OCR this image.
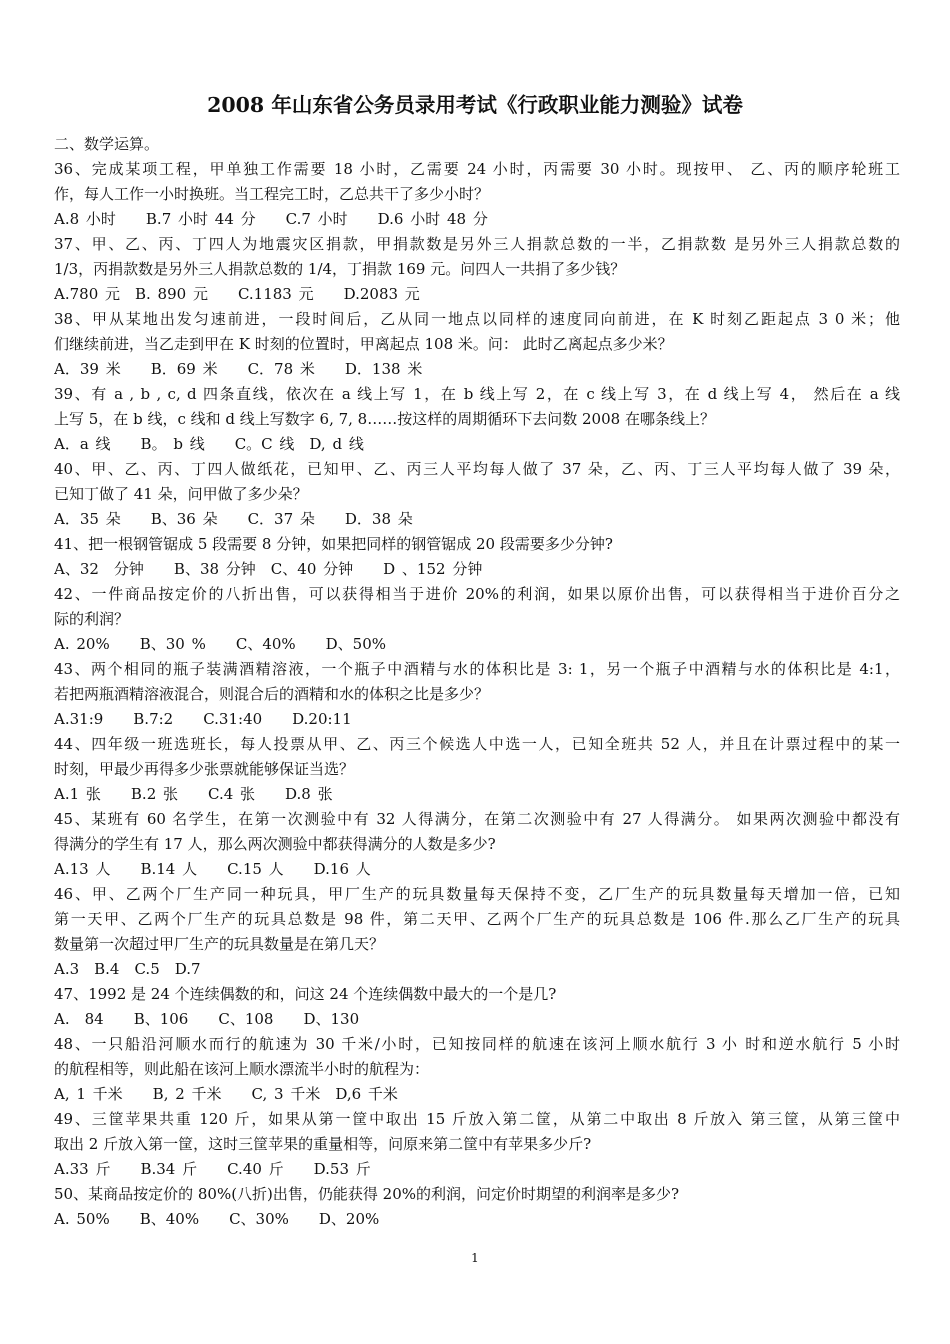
2008 年山东省公务员录用考试《行政职业能力测验》试卷
二、数学运算。
36、完成某项工程，甲单独工作需要 18 小时，乙需要 24 小时，丙需要 30 小时。现按甲、 乙、丙的顺序轮班工
作，每人工作一小时换班。当工程完工时，乙总共干了多少小时？
A.8 小时　　B.7 小时 44 分　　C.7 小时　　D.6 小时 48 分
37、甲、乙、丙、丁四人为地震灾区捐款，甲捐款数是另外三人捐款总数的一半，乙捐款数 是另外三人捐款总数的
1/3，丙捐款数是另外三人捐款总数的 1/4，丁捐款 169 元。问四人一共捐了多少钱？
A.780 元　B. 890 元　　C.1183 元　　D.2083 元
38、甲从某地出发匀速前进，一段时间后，乙从同一地点以同样的速度同向前进，在 K 时刻乙距起点 3 0 米；他
们继续前进，当乙走到甲在 K 时刻的位置时，甲离起点 108 米。问： 此时乙离起点多少米？
A．39 米　　B．69 米　　C．78 米　　D．138 米
39、有 a , b , c, d 四条直线，依次在 a 线上写 1，在 b 线上写 2，在 c 线上写 3，在 d 线上写 4， 然后在 a 线
上写 5，在 b 线，c 线和 d 线上写数字 6, 7, 8……按这样的周期循环下去问数 2008 在哪条线上？
A．a 线　　B。 b 线　　C。C 线　D, d 线
40、甲、乙、丙、丁四人做纸花，已知甲、乙、丙三人平均每人做了 37 朵，乙、丙、丁三人平均每人做了 39 朵，
已知丁做了 41 朵，问甲做了多少朵？
A．35 朵　　B、36 朵　　C．37 朵　　D．38 朵
41、把一根钢管锯成 5 段需要 8 分钟，如果把同样的钢管锯成 20 段需要多少分钟?
A、32　分钟　　B、38 分钟　C、40 分钟　　D 、152 分钟
42、一件商品按定价的八折出售，可以获得相当于进价 20%的利润，如果以原价出售，可以获得相当于进价百分之
际的利润？
A. 20%　　B、30 %　　C、40%　　D、50%
43、两个相同的瓶子装满酒精溶液，一个瓶子中酒精与水的体积比是 3: 1，另一个瓶子中酒精与水的体积比是 4:1，
若把两瓶酒精溶液混合，则混合后的酒精和水的体积之比是多少？
A.31:9　　B.7:2　　C.31:40　　D.20:11
44、四年级一班选班长，每人投票从甲、乙、丙三个候选人中选一人，已知全班共 52 人，并且在计票过程中的某一
时刻，甲最少再得多少张票就能够保证当选？
A.1 张　　B.2 张　　C.4 张　　D.8 张
45、某班有 60 名学生，在第一次测验中有 32 人得满分，在第二次测验中有 27 人得满分。 如果两次测验中都没有
得满分的学生有 17 人，那么两次测验中都获得满分的人数是多少?
A.13 人　　B.14 人　　C.15 人　　D.16 人
46、甲、乙两个厂生产同一种玩具，甲厂生产的玩具数量每天保持不变，乙厂生产的玩具数量每天增加一倍，已知
第一天甲、乙两个厂生产的玩具总数是 98 件，第二天甲、乙两个厂生产的玩具总数是 106 件.那么乙厂生产的玩具
数量第一次超过甲厂生产的玩具数量是在第几天？
A.3　B.4　C.5　D.7
47、1992 是 24 个连续偶数的和，问这 24 个连续偶数中最大的一个是几?
A.　84　　B、106　　C、108　　D、130
48、一只船沿河顺水而行的航速为 30 千米/小时，已知按同样的航速在该河上顺水航行 3 小 时和逆水航行 5 小时
的航程相等，则此船在该河上顺水漂流半小时的航程为：
A, 1 千米　　B, 2 千米　　C, 3 千米　D,6 千米
49、三筐苹果共重 120 斤，如果从第一筐中取出 15 斤放入第二筐，从第二中取出 8 斤放入 第三筐，从第三筐中
取出 2 斤放入第一筐，这时三筐苹果的重量相等，问原来第二筐中有苹果多少斤?
A.33 斤　　B.34 斤　　C.40 斤　　D.53 斤
50、某商品按定价的 80%(八折)出售，仍能获得 20%的利润，问定价时期望的利润率是多少?
A. 50%　　B、40%　　C、30%　　D、20%
1
